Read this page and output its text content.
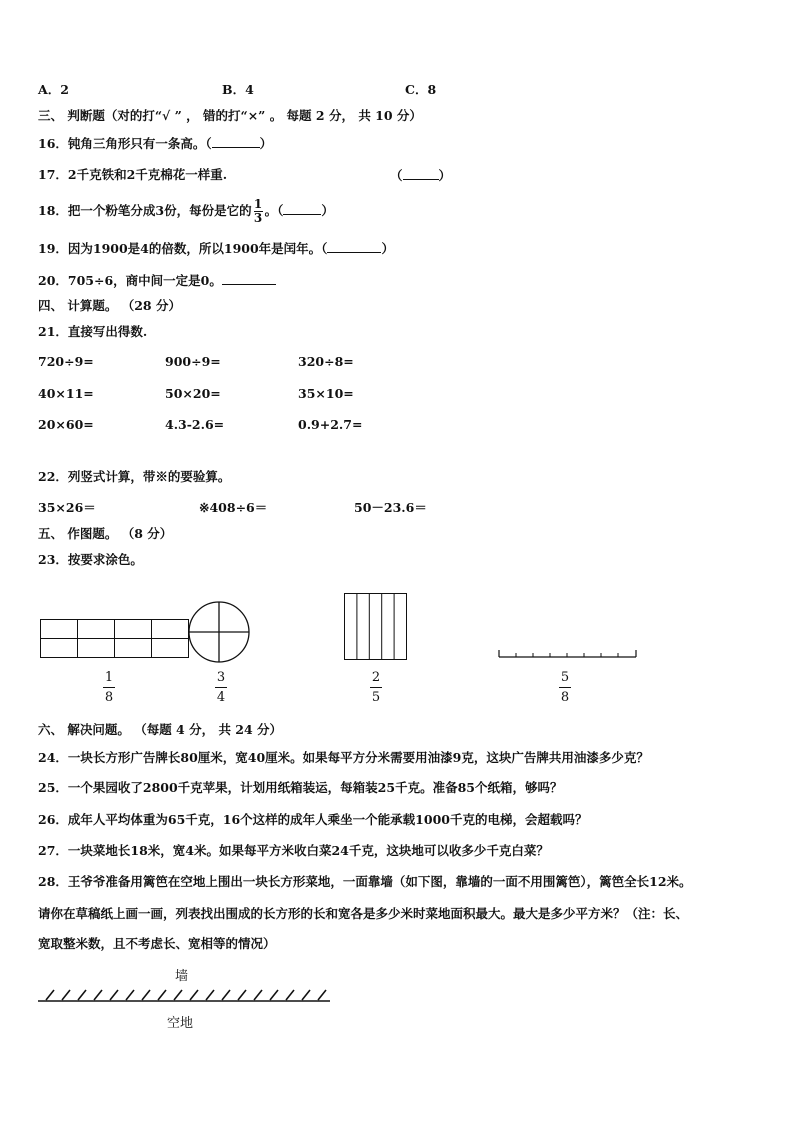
A．2	B．4	C．8
三、 判断题（对的打“√ ” ， 错的打“×” 。 每题 2 分， 共 10 分）
16．钝角三角形只有一条高。（	）
17．2千克铁和2千克棉花一样重.	（	）
18．把一个粉笔分成3份，每份是它的 $\frac{1}{3}$ 。（	）
19．因为1900是4的倍数，所以1900年是闰年。（	）
20．705÷6，商中间一定是0。
四、 计算题。 （28 分）
21．直接写出得数.
720÷9=	900÷9=	320÷8=
40×11=	50×20=	35×10=
20×60=	4.3-2.6=	0.9+2.7=
22．列竖式计算，带※的要验算。
35×26＝	※408÷6＝	50－23.6＝
五、 作图题。 （8 分）
23．按要求涂色。
1
8
3
4
2
5
5
8
六、 解决问题。 （每题 4 分， 共 24 分）
24．一块长方形广告牌长80厘米，宽40厘米。如果每平方分米需要用油漆9克，这块广告牌共用油漆多少克？
25．一个果园收了2800千克苹果，计划用纸箱装运，每箱装25千克。准备85个纸箱，够吗？
26．成年人平均体重为65千克，16个这样的成年人乘坐一个能承载1000千克的电梯，会超载吗？
27．一块菜地长18米，宽4米。如果每平方米收白菜24千克，这块地可以收多少千克白菜？
28．王爷爷准备用篱笆在空地上围出一块长方形菜地，一面靠墙（如下图，靠墙的一面不用围篱笆），篱笆全长12米。
请你在草稿纸上画一画，列表找出围成的长方形的长和宽各是多少米时菜地面积最大。最大是多少平方米？（注：长、
宽取整米数，且不考虑长、宽相等的情况）
墙
空地
